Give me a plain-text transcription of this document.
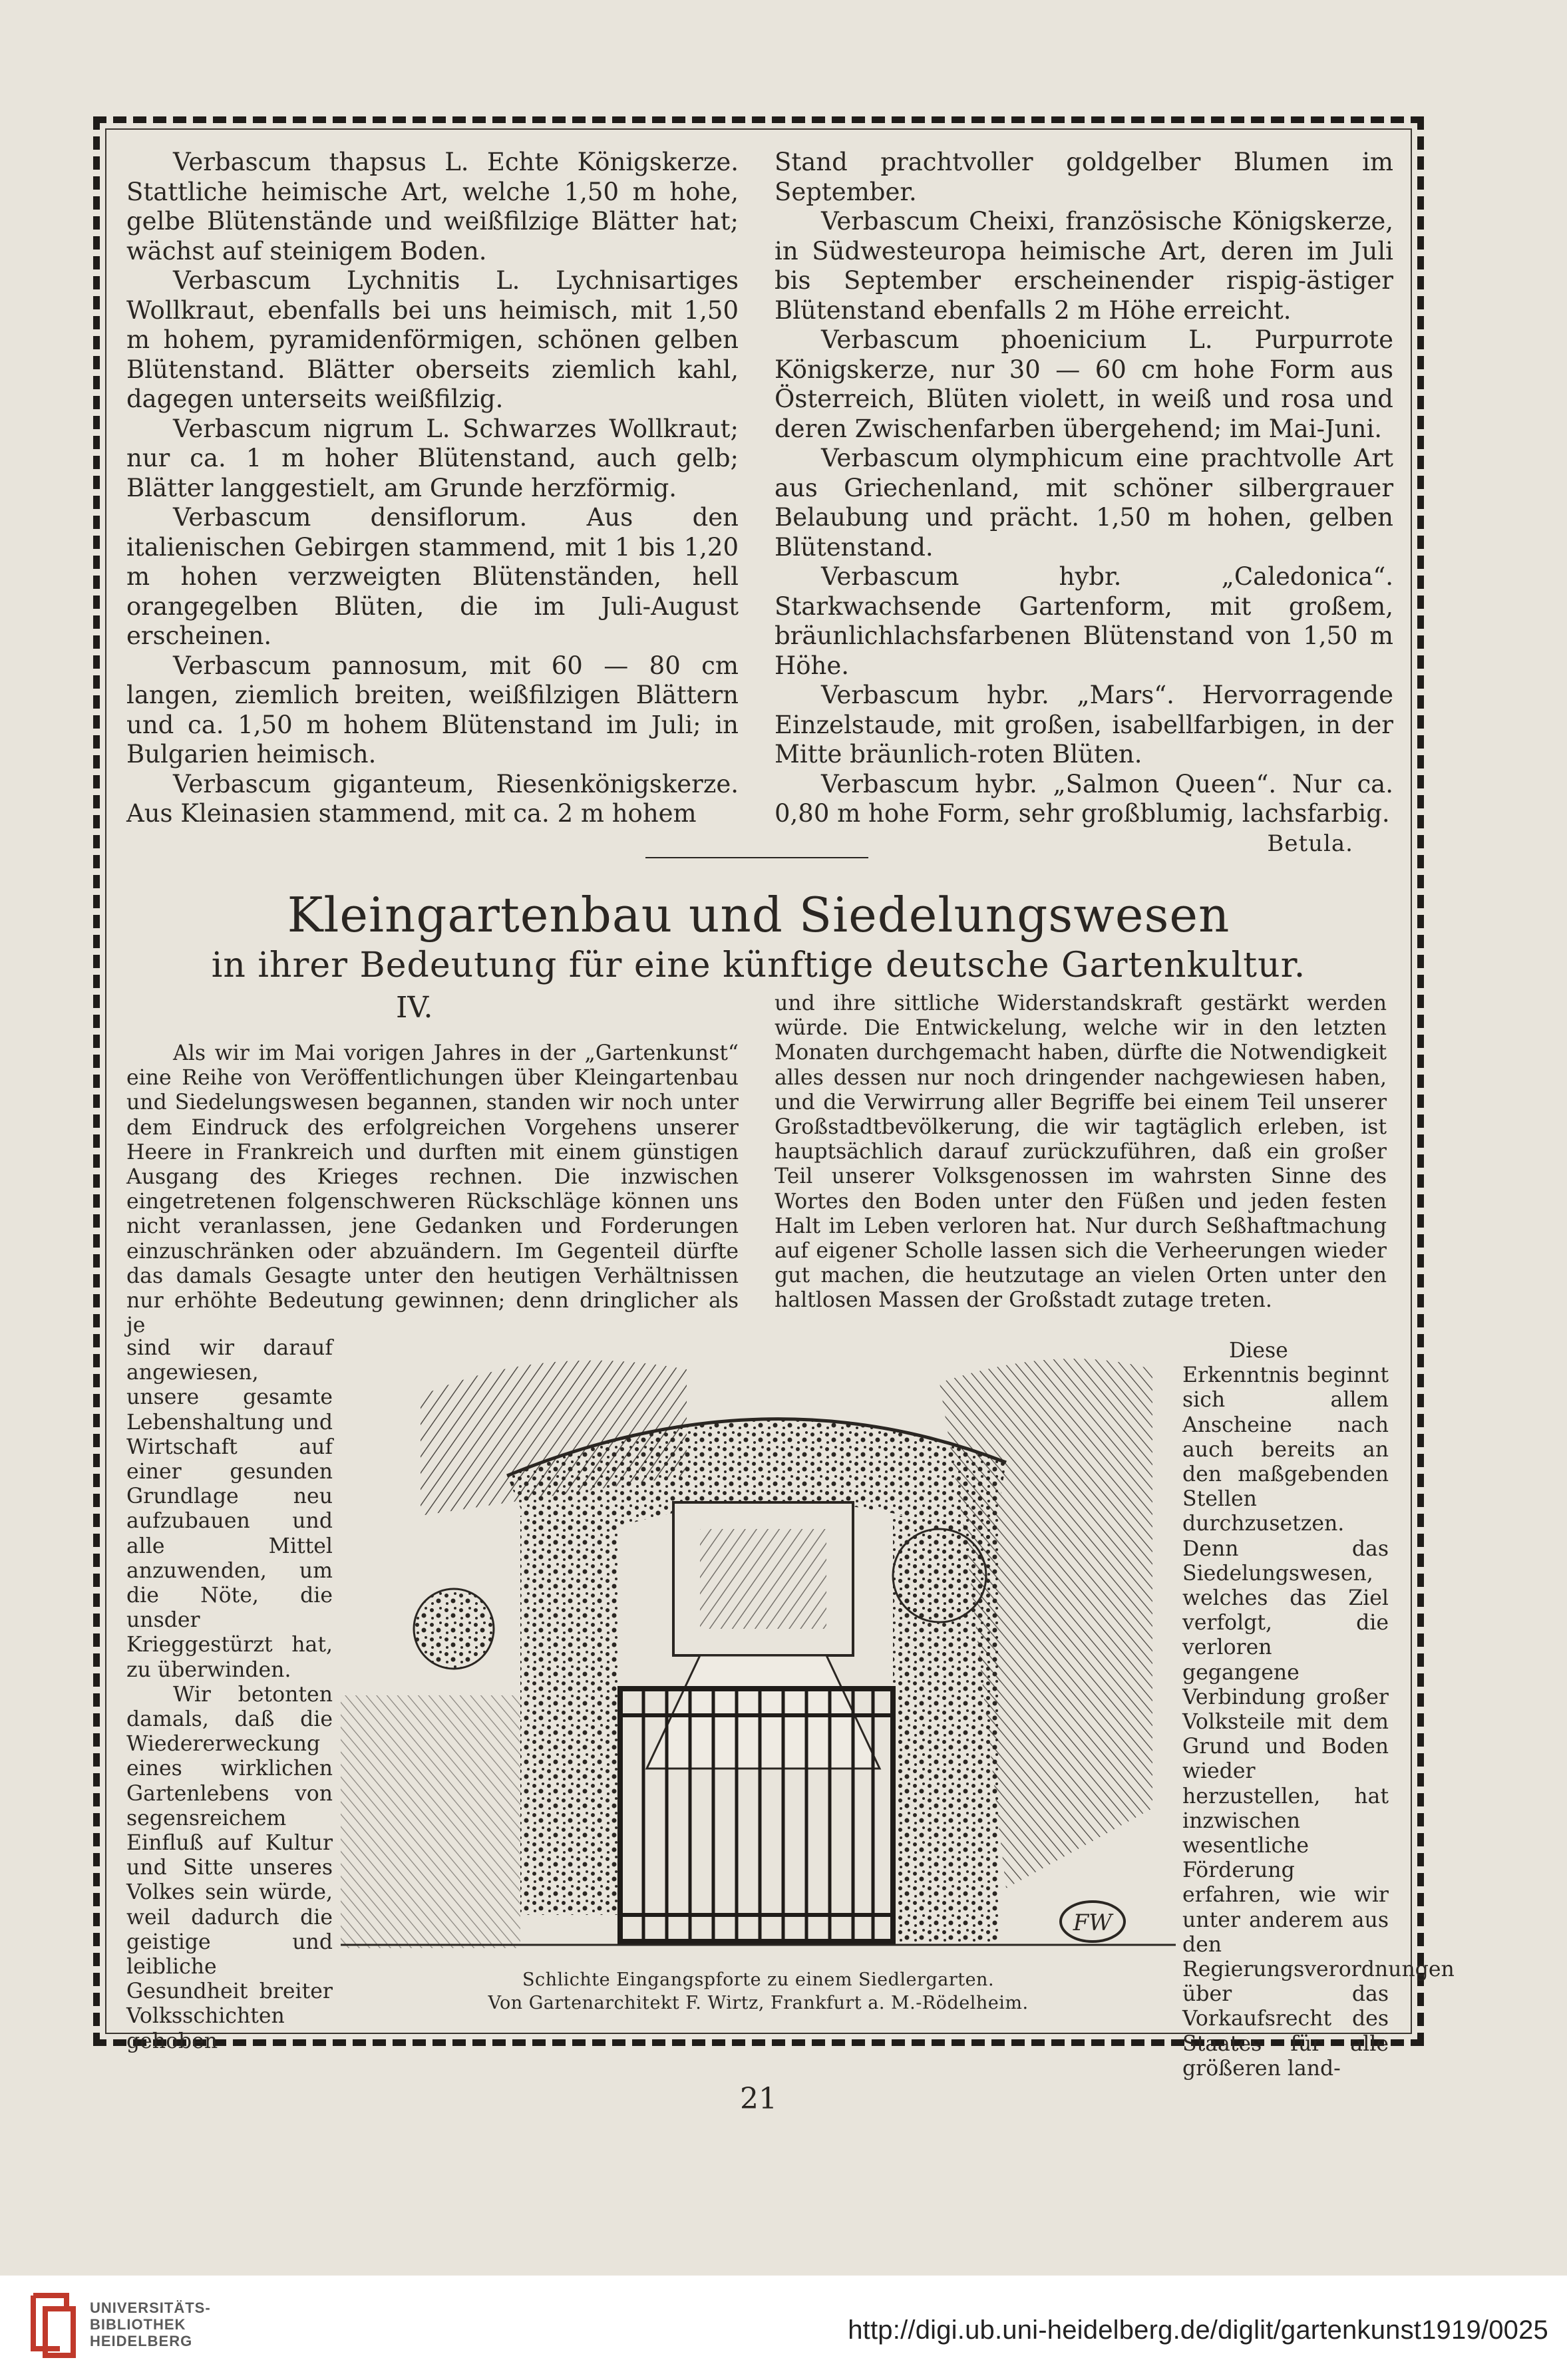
Verbascum thapsus L. Echte Königskerze. Stattliche heimische Art, welche 1,50 m hohe, gelbe Blütenstände und weißfilzige Blätter hat; wächst auf steinigem Boden.

Verbascum Lychnitis L. Lychnisartiges Wollkraut, ebenfalls bei uns heimisch, mit 1,50 m hohem, pyramidenförmigen, schönen gelben Blütenstand. Blätter oberseits ziemlich kahl, dagegen unterseits weißfilzig.

Verbascum nigrum L. Schwarzes Wollkraut; nur ca. 1 m hoher Blütenstand, auch gelb; Blätter langgestielt, am Grunde herzförmig.

Verbascum densiflorum. Aus den italienischen Gebirgen stammend, mit 1 bis 1,20 m hohen verzweigten Blütenständen, hell orangegelben Blüten, die im Juli-August erscheinen.

Verbascum pannosum, mit 60 — 80 cm langen, ziemlich breiten, weißfilzigen Blättern und ca. 1,50 m hohem Blütenstand im Juli; in Bulgarien heimisch.

Verbascum giganteum, Riesenkönigskerze. Aus Kleinasien stammend, mit ca. 2 m hohem

Stand prachtvoller goldgelber Blumen im September.

Verbascum Cheixi, französische Königskerze, in Südwesteuropa heimische Art, deren im Juli bis September erscheinender rispig-ästiger Blütenstand ebenfalls 2 m Höhe erreicht.

Verbascum phoenicium L. Purpurrote Königskerze, nur 30 — 60 cm hohe Form aus Österreich, Blüten violett, in weiß und rosa und deren Zwischenfarben übergehend; im Mai-Juni.

Verbascum olymphicum eine prachtvolle Art aus Griechenland, mit schöner silbergrauer Belaubung und prächt. 1,50 m hohen, gelben Blütenstand.

Verbascum hybr. „Caledonica“. Starkwachsende Gartenform, mit großem, bräunlichlachsfarbenen Blütenstand von 1,50 m Höhe.

Verbascum hybr. „Mars“. Hervorragende Einzelstaude, mit großen, isabellfarbigen, in der Mitte bräunlich-roten Blüten.

Verbascum hybr. „Salmon Queen“. Nur ca. 0,80 m hohe Form, sehr großblumig, lachsfarbig.

Betula.
Kleingartenbau und Siedelungswesen
in ihrer Bedeutung für eine künftige deutsche Gartenkultur.
IV.

Als wir im Mai vorigen Jahres in der „Gartenkunst“ eine Reihe von Veröffentlichungen über Kleingartenbau und Siedelungswesen begannen, standen wir noch unter dem Eindruck des erfolgreichen Vorgehens unserer Heere in Frankreich und durften mit einem günstigen Ausgang des Krieges rechnen. Die inzwischen eingetretenen folgenschweren Rückschläge können uns nicht veranlassen, jene Gedanken und Forderungen einzuschränken oder abzuändern. Im Gegenteil dürfte das damals Gesagte unter den heutigen Verhältnissen nur erhöhte Bedeutung gewinnen; denn dringlicher als je

sind wir darauf angewiesen, unsere gesamte Lebenshaltung und Wirtschaft auf einer gesunden Grundlage neu aufzubauen und alle Mittel anzuwenden, um die Nöte, die unsder Krieggestürzt hat, zu überwinden.

Wir betonten damals, daß die Wiedererweckung eines wirklichen Gartenlebens von segensreichem Einfluß auf Kultur und Sitte unseres Volkes sein würde, weil dadurch die geistige und leibliche Gesundheit breiter Volksschichten gehoben

und ihre sittliche Widerstandskraft gestärkt werden würde. Die Entwickelung, welche wir in den letzten Monaten durchgemacht haben, dürfte die Notwendigkeit alles dessen nur noch dringender nachgewiesen haben, und die Verwirrung aller Begriffe bei einem Teil unserer Großstadtbevölkerung, die wir tagtäglich erleben, ist hauptsächlich darauf zurückzuführen, daß ein großer Teil unserer Volksgenossen im wahrsten Sinne des Wortes den Boden unter den Füßen und jeden festen Halt im Leben verloren hat. Nur durch Seßhaftmachung auf eigener Scholle lassen sich die Verheerungen wieder gut machen, die heutzutage an vielen Orten unter den haltlosen Massen der Großstadt zutage treten.

Diese Erkenntnis beginnt sich allem Anscheine nach auch bereits an den maßgebenden Stellen durchzusetzen. Denn das Siedelungswesen, welches das Ziel verfolgt, die verloren gegangene Verbindung großer Volksteile mit dem Grund und Boden wieder herzustellen, hat inzwischen wesentliche Förderung erfahren, wie wir unter anderem aus den Regierungsverordnungen über das Vorkaufsrecht des Staates für alle größeren land-

FW
Schlichte Eingangspforte zu einem Siedlergarten.
Von Gartenarchitekt F. Wirtz, Frankfurt a. M.-Rödelheim.
21
UNIVERSITÄTS-
BIBLIOTHEK
HEIDELBERG	http://digi.ub.uni-heidelberg.de/diglit/gartenkunst1919/0025
